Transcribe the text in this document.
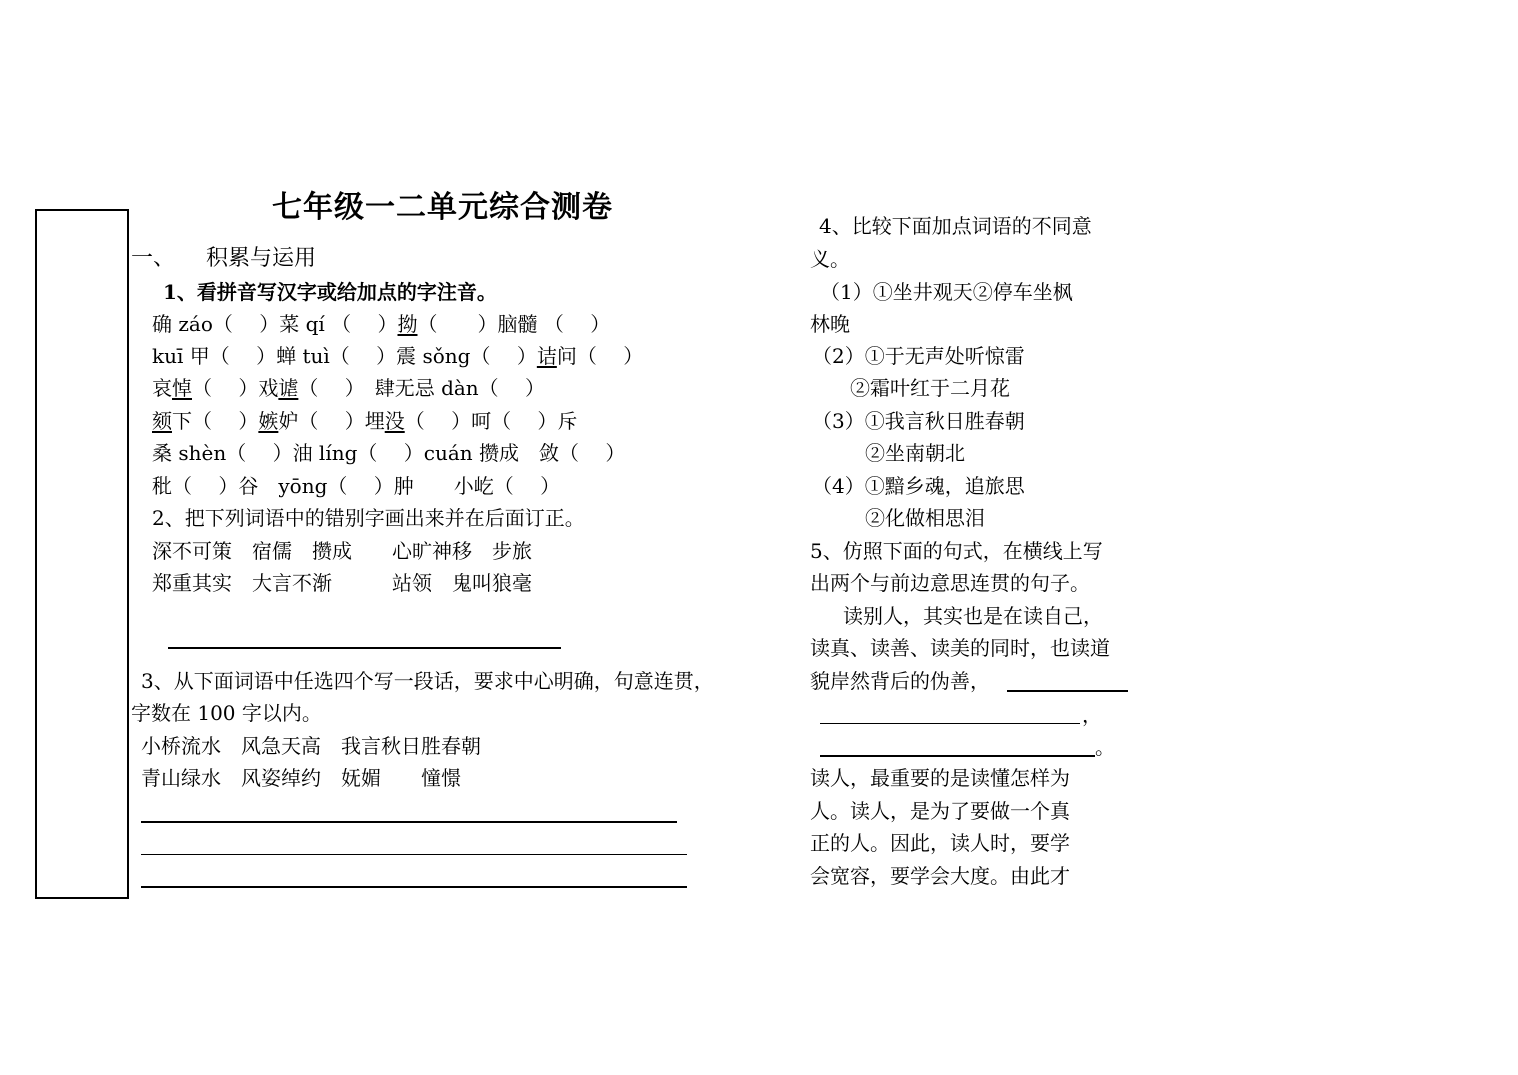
七年级一二单元综合测卷
一、 积累与运用
1、看拼音写汉字或给加点的字注音。
确 záo（　 ）菜 qí （　 ）拗（　　）脑髓 （　 ）
kuī 甲（　 ）蝉 tuì（　 ）震 sǒng（　 ）诘问（　 ）
哀悼（　 ）戏谑（　 ）　肆无忌 dàn（　 ）
颏下（　 ）嫉妒（　 ）埋没（　 ）呵（　 ）斥
桑 shèn（　 ）油 líng（　 ）cuán 攒成　敛（　 ）
秕（　 ）谷　yōng（　 ）肿　　小屹（　 ）
2、把下列词语中的错别字画出来并在后面订正。
深不可策　宿儒　攒成　　心旷神移　步旅
郑重其实　大言不渐　　　站领　鬼叫狼毫
3、从下面词语中任选四个写一段话，要求中心明确，句意连贯，
字数在 100 字以内。
小桥流水　风急天高　我言秋日胜春朝
青山绿水　风姿绰约　妩媚　　憧憬
4、比较下面加点词语的不同意
义。
（1）①坐井观天②停车坐枫
林晚
（2）①于无声处听惊雷
②霜叶红于二月花
（3）①我言秋日胜春朝
②坐南朝北
（4）①黯乡魂，追旅思
②化做相思泪
5、仿照下面的句式，在横线上写
出两个与前边意思连贯的句子。
读别人，其实也是在读自己，
读真、读善、读美的同时，也读道
貌岸然背后的伪善，
，
。
读人，最重要的是读懂怎样为
人。读人，是为了要做一个真
正的人。因此，读人时，要学
会宽容，要学会大度。由此才
